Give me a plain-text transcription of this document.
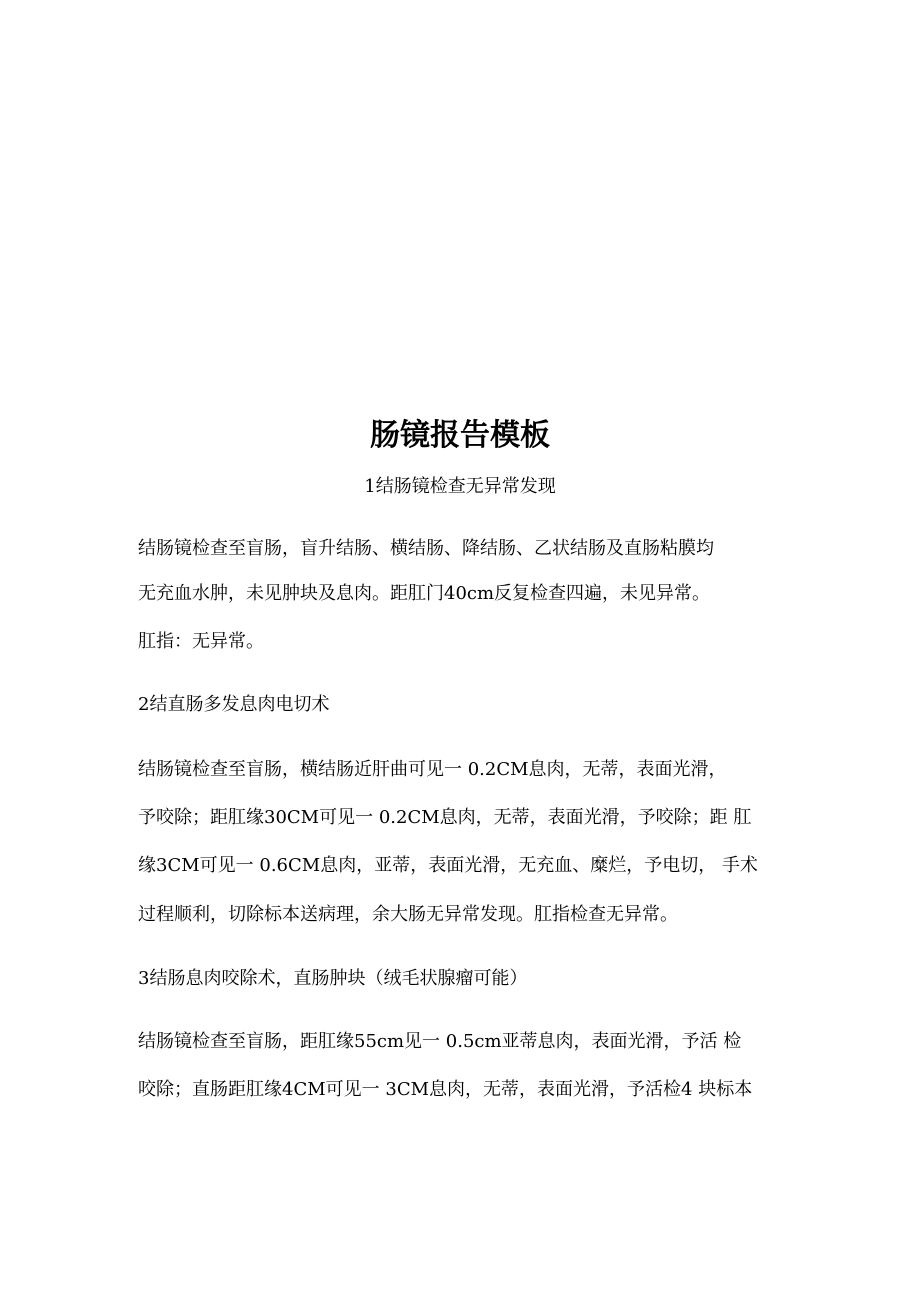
肠镜报告模板

1结肠镜检查无异常发现

结肠镜检查至盲肠，盲升结肠、横结肠、降结肠、乙状结肠及直肠粘膜均

无充血水肿，未见肿块及息肉。距肛门40cm反复检查四遍，未见异常。

肛指：无异常。

2结直肠多发息肉电切术

结肠镜检查至盲肠，横结肠近肝曲可见一 0.2CM息肉，无蒂，表面光滑，

予咬除；距肛缘30CM可见一 0.2CM息肉，无蒂，表面光滑，予咬除；距 肛

缘3CM可见一 0.6CM息肉，亚蒂，表面光滑，无充血、糜烂，予电切， 手术

过程顺利，切除标本送病理，余大肠无异常发现。肛指检查无异常。

3结肠息肉咬除术，直肠肿块（绒毛状腺瘤可能）

结肠镜检查至盲肠，距肛缘55cm见一 0.5cm亚蒂息肉，表面光滑，予活 检

咬除；直肠距肛缘4CM可见一 3CM息肉，无蒂，表面光滑，予活检4 块标本
